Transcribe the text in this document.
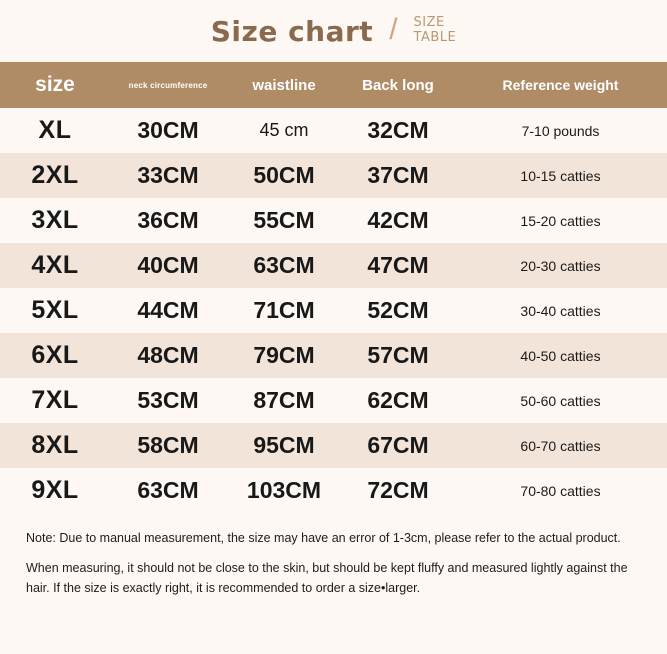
Size chart / SIZE
TABLE
size	neck circumference	waistline	Back long	Reference weight
XL	30CM	45 cm	32CM	7-10 pounds
2XL	33CM	50CM	37CM	10-15 catties
3XL	36CM	55CM	42CM	15-20 catties
4XL	40CM	63CM	47CM	20-30 catties
5XL	44CM	71CM	52CM	30-40 catties
6XL	48CM	79CM	57CM	40-50 catties
7XL	53CM	87CM	62CM	50-60 catties
8XL	58CM	95CM	67CM	60-70 catties
9XL	63CM	103CM	72CM	70-80 catties

Note: Due to manual measurement, the size may have an error of 1-3cm, please refer to the actual product.

When measuring, it should not be close to the skin, but should be kept fluffy and measured lightly against the hair. If the size is exactly right, it is recommended to order a size•larger.
